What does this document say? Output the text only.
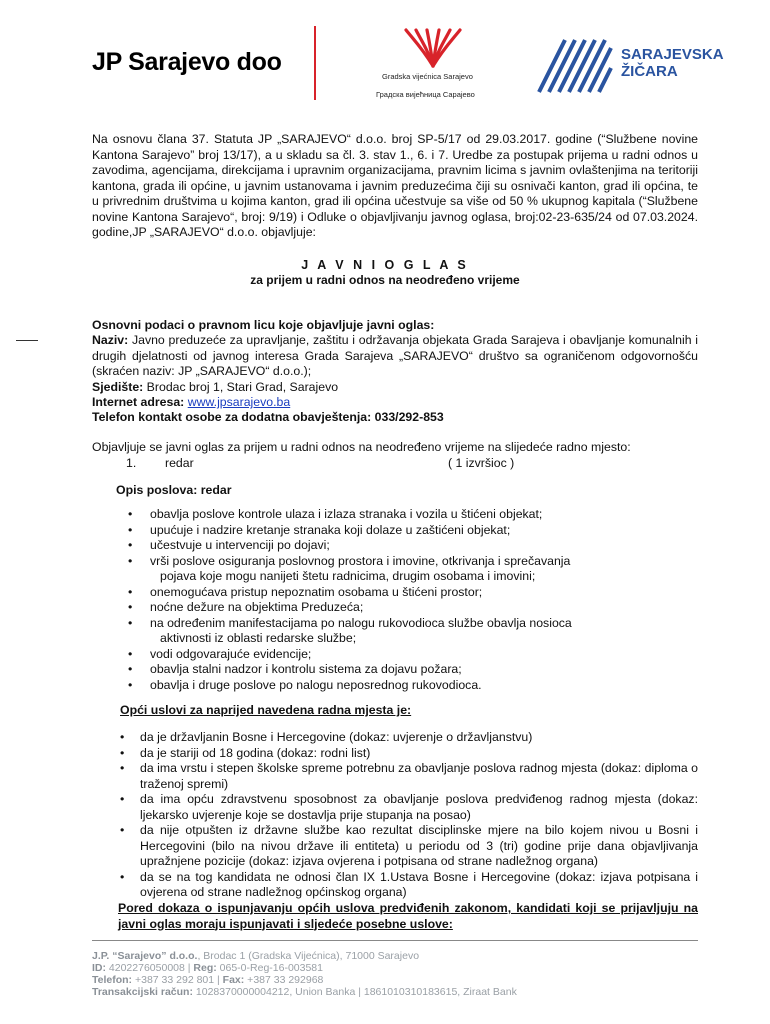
JP Sarajevo doo
Gradska vijećnica Sarajevo
Градска вијећница Сарајево
SARAJEVSKA
ŽIČARA
Na osnovu člana 37. Statuta JP „SARAJEVO“ d.o.o. broj SP-5/17 od 29.03.2017. godine (“Službene novine Kantona Sarajevo” broj 13/17), a u skladu sa čl. 3. stav 1., 6. i 7. Uredbe za postupak prijema u radni odnos u zavodima, agencijama, direkcijama i upravnim organizacijama, pravnim licima s javnim ovlaštenjima na teritoriji kantona, grada ili općine, u javnim ustanovama i javnim preduzećima čiji su osnivači kanton, grad ili općina, te u privrednim društvima u kojima kanton, grad ili općina učestvuje sa više od 50 % ukupnog kapitala (“Službene novine Kantona Sarajevo“, broj: 9/19) i Odluke o objavljivanju javnog oglasa, broj:02-23-635/24 od 07.03.2024. godine,JP „SARAJEVO“ d.o.o. objavljuje:
J A V N I O G L A S
za prijem u radni odnos na neodređeno vrijeme
Osnovni podaci o pravnom licu koje objavljuje javni oglas:
Naziv: Javno preduzeće za upravljanje, zaštitu i održavanja objekata Grada Sarajeva i obavljanje komunalnih i drugih djelatnosti od javnog interesa Grada Sarajeva „SARAJEVO“ društvo sa ograničenom odgovornošću (skraćen naziv: JP „SARAJEVO“ d.o.o.);
Sjedište: Brodac broj 1, Stari Grad, Sarajevo
Internet adresa: www.jpsarajevo.ba
Telefon kontakt osobe za dodatna obavještenja: 033/292-853
Objavljuje se javni oglas za prijem u radni odnos na neodređeno vrijeme na slijedeće radno mjesto:
1. redar	( 1 izvršioc )
Opis poslova: redar
• obavlja poslove kontrole ulaza i izlaza stranaka i vozila u štićeni objekat;
• upućuje i nadzire kretanje stranaka koji dolaze u zaštićeni objekat;
• učestvuje u intervenciji po dojavi;
• vrši poslove osiguranja poslovnog prostora i imovine, otkrivanja i sprečavanja
pojava koje mogu nanijeti štetu radnicima, drugim osobama i imovini;
• onemogućava pristup nepoznatim osobama u štićeni prostor;
• noćne dežure na objektima Preduzeća;
• na određenim manifestacijama po nalogu rukovodioca službe obavlja nosioca
aktivnosti iz oblasti redarske službe;
• vodi odgovarajuće evidencije;
• obavlja stalni nadzor i kontrolu sistema za dojavu požara;
• obavlja i druge poslove po nalogu neposrednog rukovodioca.
Opći uslovi za naprijed navedena radna mjesta je:
• da je državljanin Bosne i Hercegovine (dokaz: uvjerenje o državljanstvu)
• da je stariji od 18 godina (dokaz: rodni list)
• da ima vrstu i stepen školske spreme potrebnu za obavljanje poslova radnog mjesta (dokaz: diploma o traženoj spremi)
• da ima opću zdravstvenu sposobnost za obavljanje poslova predviđenog radnog mjesta (dokaz: ljekarsko uvjerenje koje se dostavlja prije stupanja na posao)
• da nije otpušten iz državne službe kao rezultat disciplinske mjere na bilo kojem nivou u Bosni i Hercegovini (bilo na nivou države ili entiteta) u periodu od 3 (tri) godine prije dana objavljivanja upražnjene pozicije (dokaz: izjava ovjerena i potpisana od strane nadležnog organa)
• da se na tog kandidata ne odnosi član IX 1.Ustava Bosne i Hercegovine (dokaz: izjava potpisana i ovjerena od strane nadležnog općinskog organa)
Pored dokaza o ispunjavanju općih uslova predviđenih zakonom, kandidati koji se prijavljuju na javni oglas moraju ispunjavati i sljedeće posebne uslove:
J.P. “Sarajevo” d.o.o., Brodac 1 (Gradska Vijećnica), 71000 Sarajevo
ID: 4202276050008 | Reg: 065-0-Reg-16-003581
Telefon: +387 33 292 801 | Fax: +387 33 292968
Transakcijski račun: 1028370000004212, Union Banka | 1861010310183615, Ziraat Bank
